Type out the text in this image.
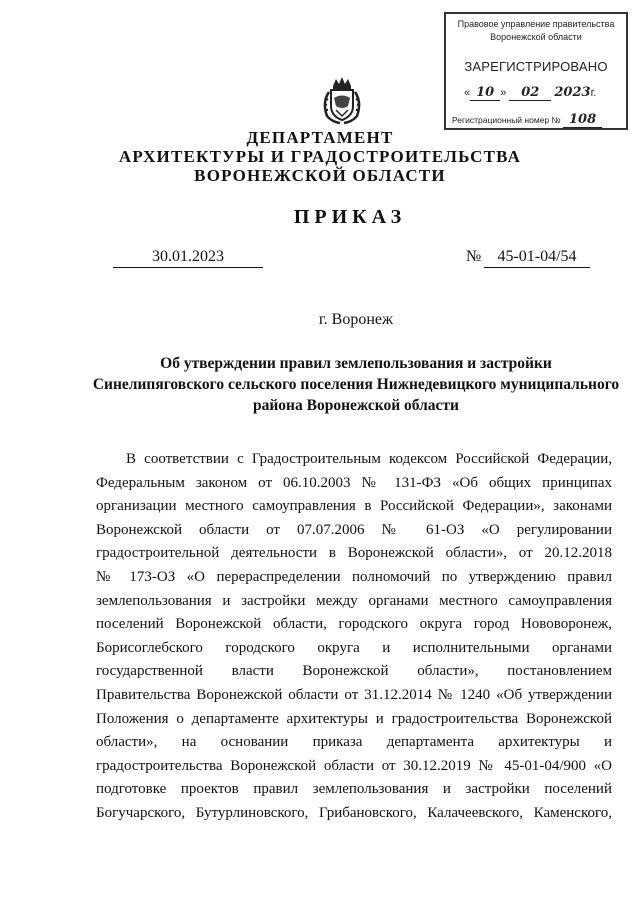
Правовое управление правительства
Воронежской области
ЗАРЕГИСТРИРОВАНО
« 10 » 02 2023г.
Регистрационный номер № 108
ДЕПАРТАМЕНТ
АРХИТЕКТУРЫ И ГРАДОСТРОИТЕЛЬСТВА
ВОРОНЕЖСКОЙ ОБЛАСТИ
ПРИКАЗ
30.01.2023	№	45-01-04/54
г. Воронеж
Об утверждении правил землепользования и застройки
Синелипяговского сельского поселения Нижнедевицкого муниципального
района Воронежской области
В соответствии с Градостроительным кодексом Российской Федерации,
Федеральным законом от 06.10.2003 № 131-ФЗ «Об общих принципах
организации местного самоуправления в Российской Федерации», законами
Воронежской области от 07.07.2006 № 61-ОЗ «О регулировании
градостроительной деятельности в Воронежской области», от 20.12.2018
№ 173-ОЗ «О перераспределении полномочий по утверждению правил
землепользования и застройки между органами местного самоуправления
поселений Воронежской области, городского округа город Нововоронеж,
Борисоглебского городского округа и исполнительными органами
государственной власти Воронежской области», постановлением
Правительства Воронежской области от 31.12.2014 № 1240 «Об утверждении
Положения о департаменте архитектуры и градостроительства Воронежской
области», на основании приказа департамента архитектуры и
градостроительства Воронежской области от 30.12.2019 № 45-01-04/900 «О
подготовке проектов правил землепользования и застройки поселений
Богучарского, Бутурлиновского, Грибановского, Калачеевского, Каменского,
